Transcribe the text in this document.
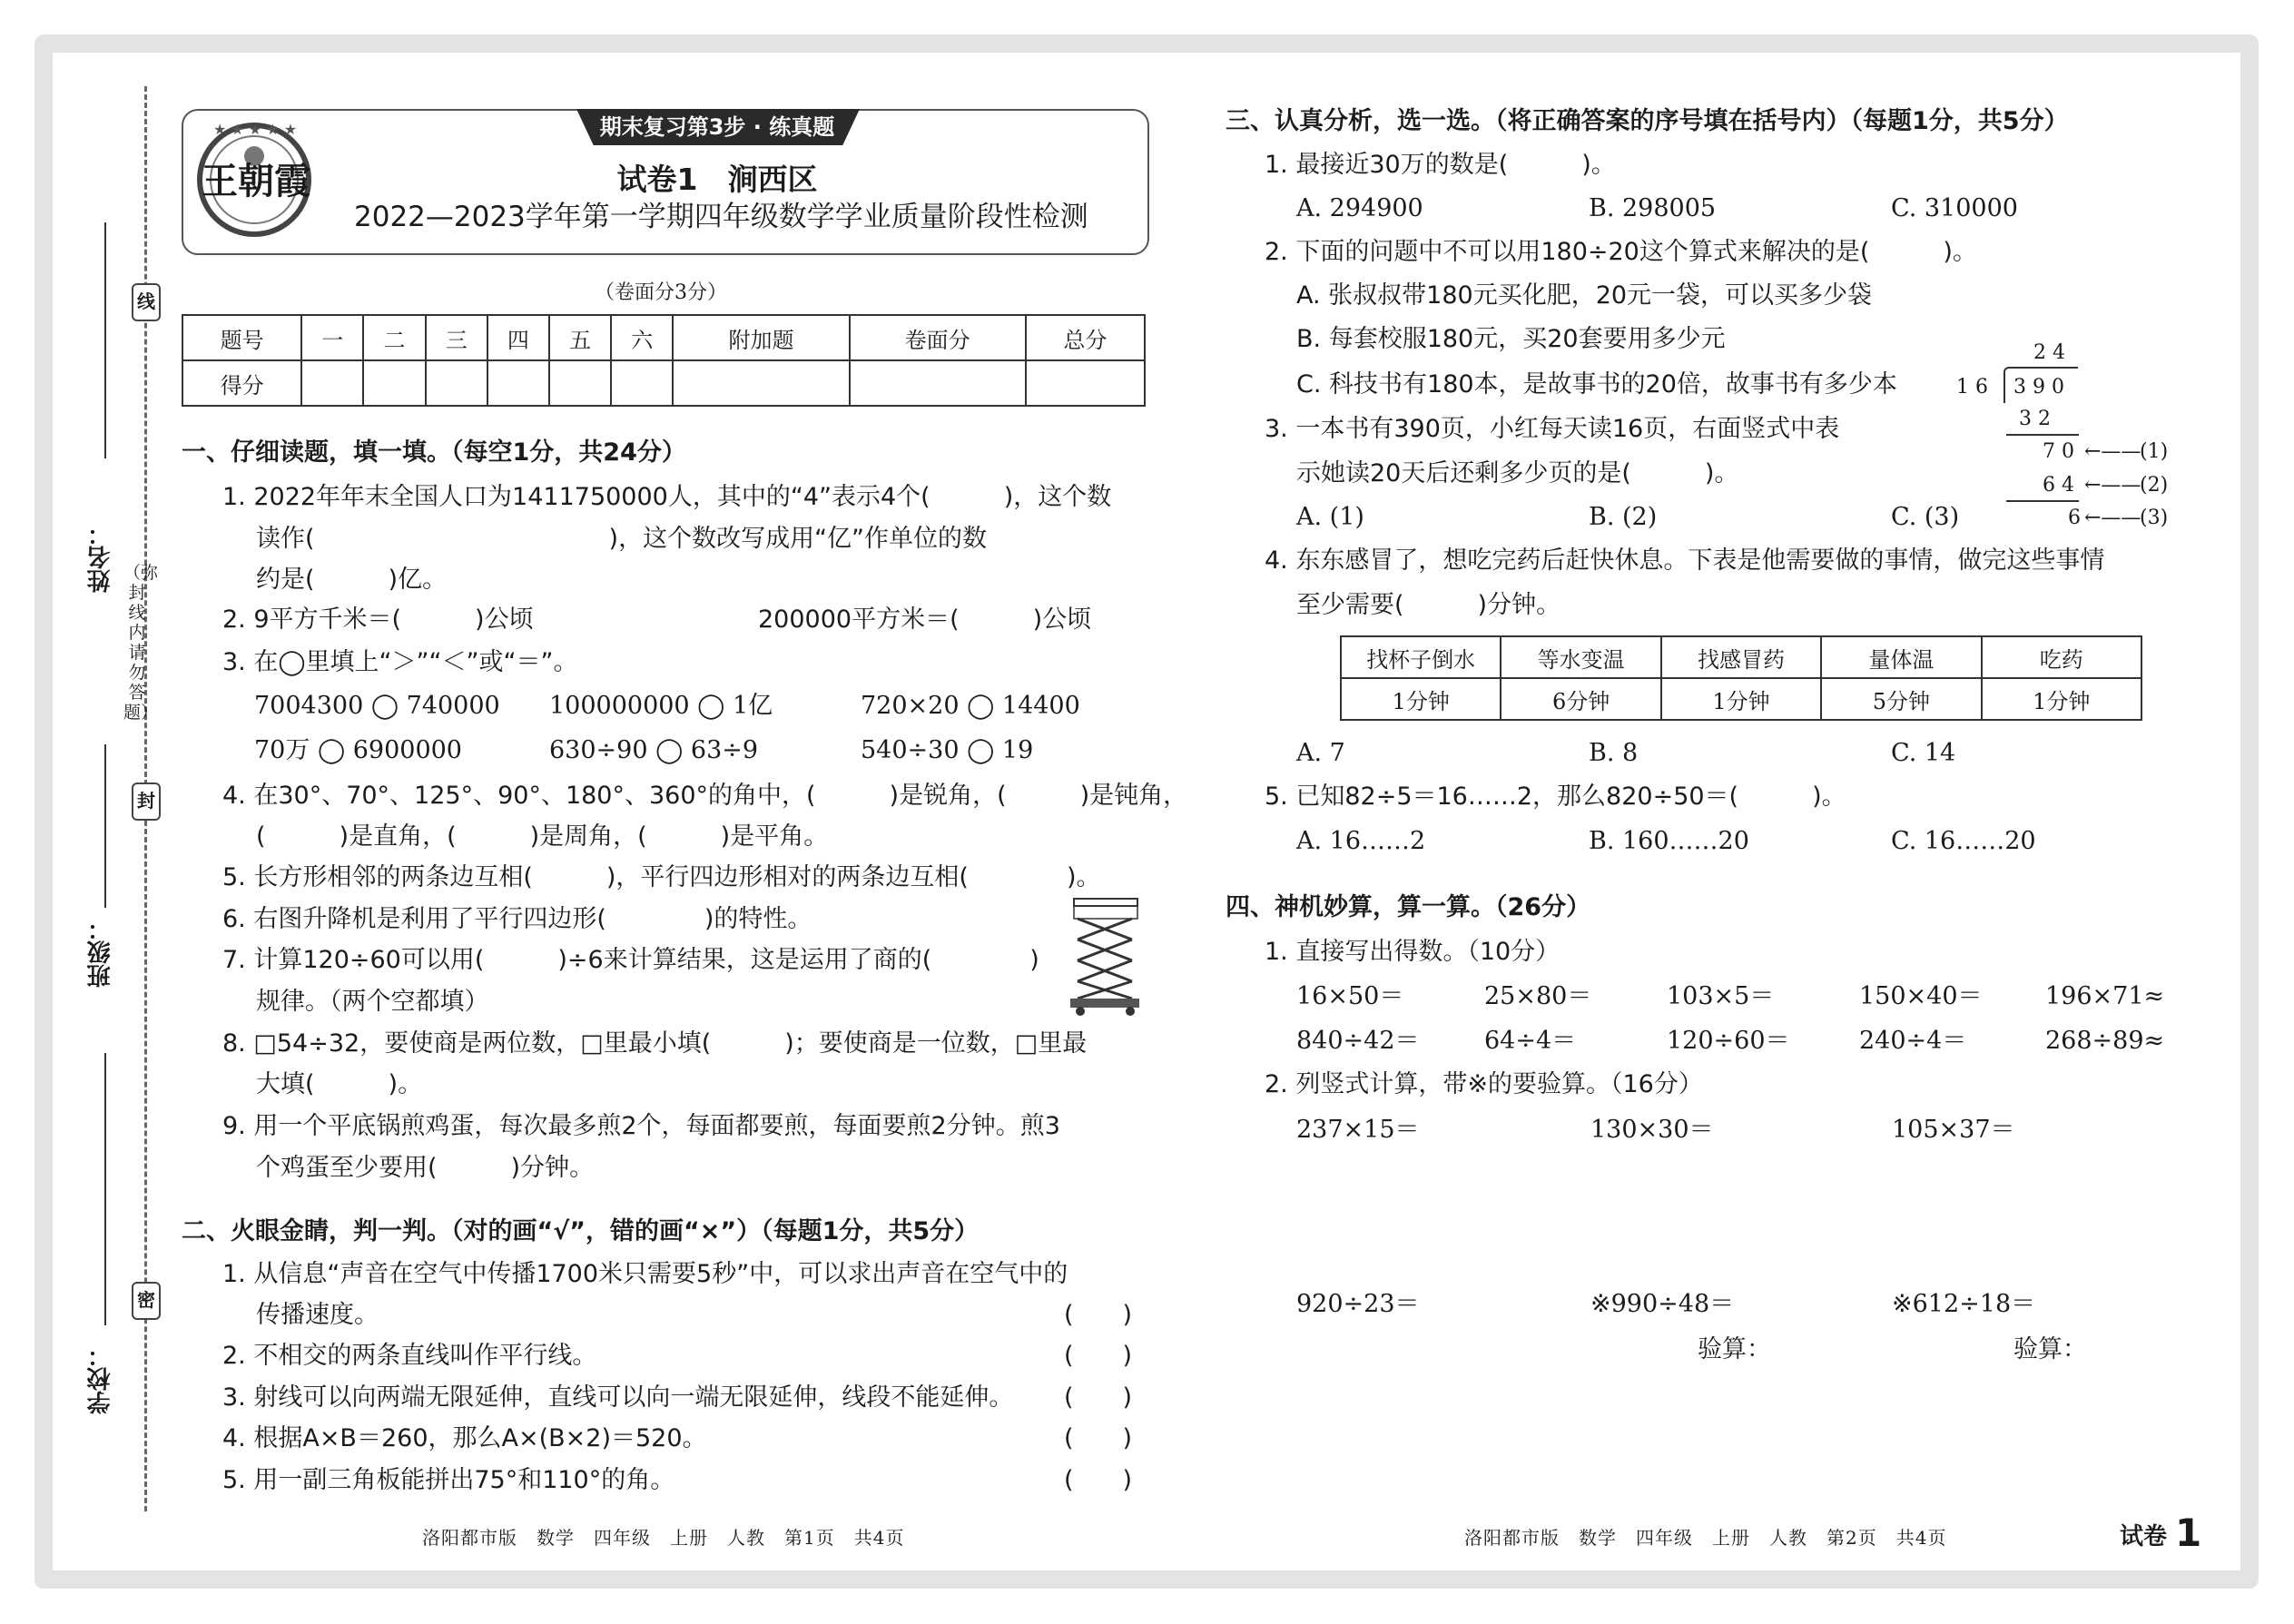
线
封
密
（弥封线内请勿答题）
姓名：
班级：
学校：
★ ★ ★ ★ ★
王朝霞
期末复习第3步 · 练真题
试卷1　涧西区
2022—2023学年第一学期四年级数学学业质量阶段性检测
（卷面分3分）
题号	一	二	三	四	五	六	附加题	卷面分	总分
得分									
一、仔细读题，填一填。（每空1分，共24分）
1. 2022年年末全国人口为1411750000人，其中的“4”表示4个(　　　)，这个数
读作(　　　　　　　　　　　　)，这个数改写成用“亿”作单位的数
约是(　　　)亿。
2. 9平方千米＝(　　　)公顷	200000平方米＝(　　　)公顷
3. 在◯里填上“＞”“＜”或“＝”。
7004300 ◯ 740000 100000000 ◯ 1亿	720×20 ◯ 14400
70万 ◯ 6900000	630÷90 ◯ 63÷9	540÷30 ◯ 19
4. 在30°、70°、125°、90°、180°、360°的角中，(　　　)是锐角，(　　　)是钝角，
(　　　)是直角，(　　　)是周角，(　　　)是平角。
5. 长方形相邻的两条边互相(　　　)，平行四边形相对的两条边互相(　　　　)。
6. 右图升降机是利用了平行四边形(　　　　)的特性。
7. 计算120÷60可以用(　　　)÷6来计算结果，这是运用了商的(　　　　)
规律。（两个空都填）
8. □54÷32，要使商是两位数，□里最小填(　　　)；要使商是一位数，□里最
大填(　　　)。
9. 用一个平底锅煎鸡蛋，每次最多煎2个，每面都要煎，每面要煎2分钟。煎3
个鸡蛋至少要用(　　　)分钟。
二、火眼金睛，判一判。（对的画“√”，错的画“×”）（每题1分，共5分）
1. 从信息“声音在空气中传播1700米只需要5秒”中，可以求出声音在空气中的
传播速度。	(　　)
2. 不相交的两条直线叫作平行线。	(　　)
3. 射线可以向两端无限延伸，直线可以向一端无限延伸，线段不能延伸。 (　　)
4. 根据A×B＝260，那么A×(B×2)＝520。	(　　)
5. 用一副三角板能拼出75°和110°的角。	(　　)
洛阳都市版　数学　四年级　上册　人教　第1页　共4页
三、认真分析，选一选。（将正确答案的序号填在括号内）（每题1分，共5分）
1. 最接近30万的数是(　　　)。
A. 294900	B. 298005	C. 310000
2. 下面的问题中不可以用180÷20这个算式来解决的是(　　　)。
A. 张叔叔带180元买化肥，20元一袋，可以买多少袋
B. 每套校服180元，买20套要用多少元
C. 科技书有180本，是故事书的20倍，故事书有多少本
3. 一本书有390页，小红每天读16页，右面竖式中表
示她读20天后还剩多少页的是(　　　)。
A. (1)	B. (2)	C. (3)
2 4
1 6 3 9 0
3 2
7 0
6 4
6
←——
←——
←——
(1)
(2)
(3)
4. 东东感冒了，想吃完药后赶快休息。下表是他需要做的事情，做完这些事情
至少需要(　　　)分钟。
找杯子倒水	等水变温	找感冒药	量体温	吃药
1分钟	6分钟	1分钟	5分钟	1分钟
A. 7	B. 8	C. 14
5. 已知82÷5＝16……2，那么820÷50＝(　　　)。
A. 16……2	B. 160……20	C. 16……20
四、神机妙算，算一算。（26分）
1. 直接写出得数。（10分）
16×50＝	25×80＝	103×5＝	150×40＝	196×71≈
840÷42＝	64÷4＝	120÷60＝	240÷4＝	268÷89≈
2. 列竖式计算，带※的要验算。（16分）
237×15＝	130×30＝	105×37＝
920÷23＝	※990÷48＝	※612÷18＝
验算：	验算：
洛阳都市版　数学　四年级　上册　人教　第2页　共4页	试卷 1
